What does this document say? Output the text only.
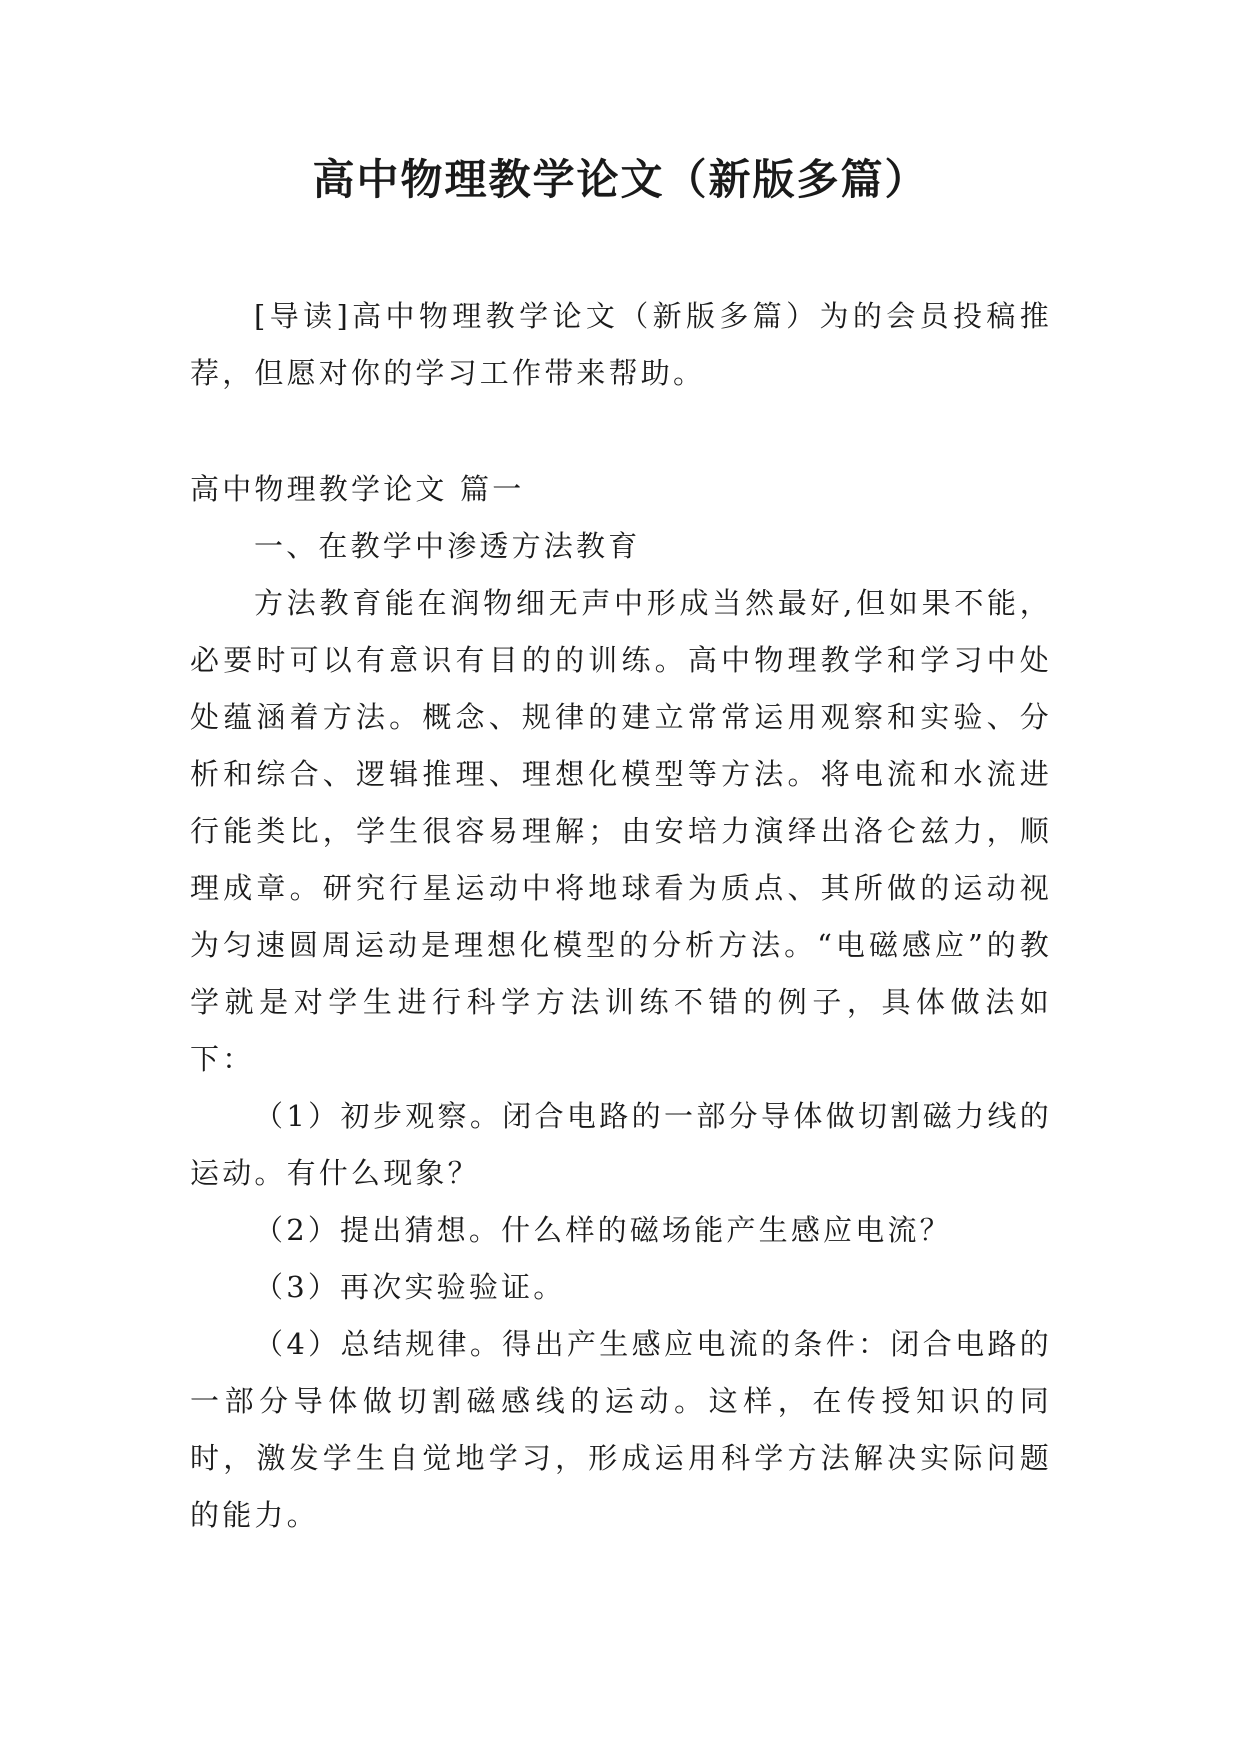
高中物理教学论文（新版多篇）

[导读]高中物理教学论文（新版多篇）为的会员投稿推荐，但愿对你的学习工作带来帮助。

高中物理教学论文 篇一

一、在教学中渗透方法教育

方法教育能在润物细无声中形成当然最好,但如果不能，必要时可以有意识有目的的训练。高中物理教学和学习中处处蕴涵着方法。概念、规律的建立常常运用观察和实验、分析和综合、逻辑推理、理想化模型等方法。将电流和水流进行能类比，学生很容易理解；由安培力演绎出洛仑兹力，顺理成章。研究行星运动中将地球看为质点、其所做的运动视为匀速圆周运动是理想化模型的分析方法。“电磁感应”的教学就是对学生进行科学方法训练不错的例子，具体做法如下：

（1）初步观察。闭合电路的一部分导体做切割磁力线的运动。有什么现象？

（2）提出猜想。什么样的磁场能产生感应电流？

（3）再次实验验证。

（4）总结规律。得出产生感应电流的条件：闭合电路的一部分导体做切割磁感线的运动。这样，在传授知识的同时，激发学生自觉地学习，形成运用科学方法解决实际问题的能力。
